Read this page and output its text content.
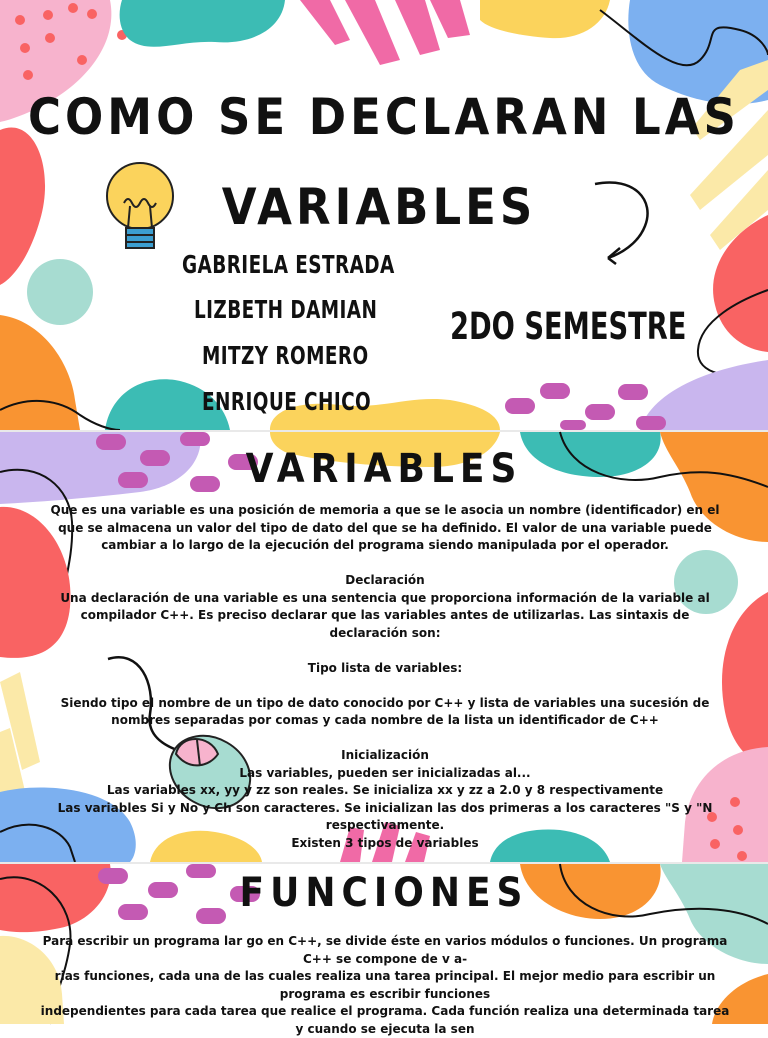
COMO SE DECLARAN LAS
VARIABLES
GABRIELA ESTRADA
LIZBETH DAMIAN
MITZY ROMERO
ENRIQUE CHICO
2DO SEMESTRE
VARIABLES

Que es una variable es una posición de memoria a que se le asocia un nombre (identificador) en el que se almacena un valor del tipo de dato del que se ha definido. El valor de una variable puede cambiar a lo largo de la ejecución del programa siendo manipulada por el operador.

Declaración

Una declaración de una variable es una sentencia que proporciona información de la variable al compilador C++. Es preciso declarar que las variables antes de utilizarlas. Las sintaxis de declaración son:

Tipo lista de variables:

Siendo tipo el nombre de un tipo de dato conocido por C++ y lista de variables una sucesión de nombres separadas por comas y cada nombre de la lista un identificador de C++

Inicialización

Las variables, pueden ser inicializadas al...

Las variables xx, yy y zz son reales. Se inicializa xx y zz a 2.0 y 8 respectivamente

Las variables Si y No y Ch son caracteres. Se inicializan las dos primeras a los caracteres "S y "N respectivamente.

Existen 3 tipos de variables

FUNCIONES

Para escribir un programa lar go en C++, se divide éste en varios módulos o funciones. Un programa C++ se compone de v a-

rias funciones, cada una de las cuales realiza una tarea principal. El mejor medio para escribir un programa es escribir funciones

independientes para cada tarea que realice el programa. Cada función realiza una determinada tarea y cuando se ejecuta la sen
